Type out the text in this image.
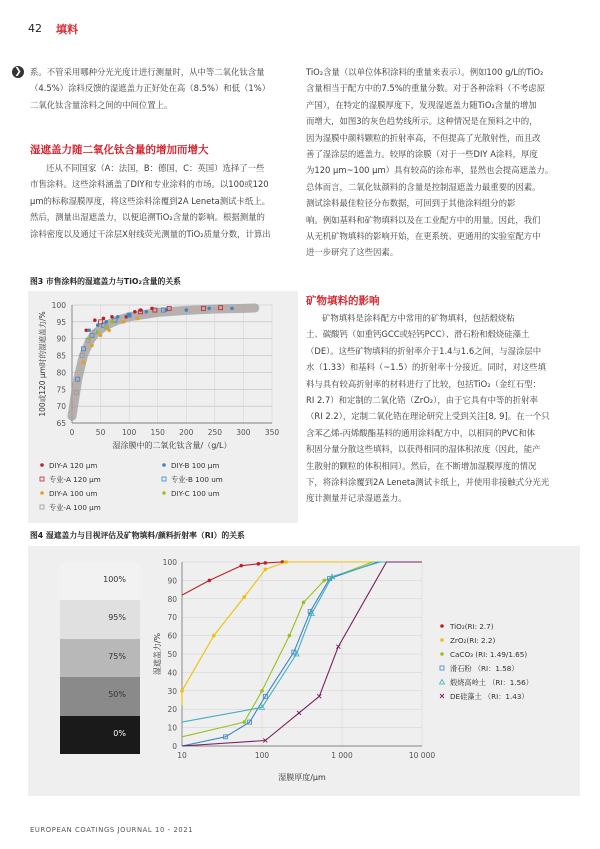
42 填料
❯ 系。不管采用哪种分光光度计进行测量时，从中等二氧化钛含量
（4.5%）涂料反馈的湿遮盖力正好处在高（8.5%）和低（1%）
二氧化钛含量涂料之间的中间位置上。
湿遮盖力随二氧化钛含量的增加而增大
还从不同国家（A：法国，B：德国，C：英国）选择了一些
市售涂料。这些涂料涵盖了DIY和专业涂料的市场。以100或120
μm的标称湿膜厚度，将这些涂料涂覆到2A Leneta测试卡纸上。
然后，测量出湿遮盖力，以便追溯TiO₂含量的影响。根据测量的
涂料密度以及通过干涂层X射线荧光测量的TiO₂质量分数，计算出
TiO₂含量（以单位体积涂料的重量来表示）。例如100 g/L的TiO₂
含量相当于配方中的7.5%的重量分数。对于各种涂料（不考虑原
产国），在特定的湿膜厚度下，发现湿遮盖力随TiO₂含量的增加
而增大，如图3的灰色趋势线所示。这种情况是在预料之中的，
因为湿膜中颜料颗粒的折射率高，不但提高了光散射性，而且改
善了湿涂层的遮盖力。较厚的涂膜（对于一些DIY A涂料，厚度
为120 μm~100 μm）具有较高的涂布率，显然也会提高遮盖力。
总体而言，二氧化钛颜料的含量是控制湿遮盖力最重要的因素。
测试涂料最佳粒径分布数据，可回到于其他涂料组分的影
响。例如基料和矿物填料以及在工业配方中的用量。因此，我们
从无机矿物填料的影响开始，在更系统、更通用的实验室配方中
进一步研究了这些因素。
矿物填料的影响
矿物填料是涂料配方中常用的矿物填料，包括煅烧粘
土、碳酸钙（如重钙GCC或轻钙PCC）、滑石粉和煅烧硅藻土
（DE）。这些矿物填料的折射率介于1.4与1.6之间，与湿涂层中
水（1.33）和基料（~1.5）的折射率十分接近。同时，对这些填
料与具有较高折射率的材料进行了比较，包括TiO₂（金红石型：
RI 2.7）和定制的二氧化锆（ZrO₂），由于它具有中等的折射率
（RI 2.2），定制二氧化锆在理论研究上受到关注[8, 9]。在一个只
含苯乙烯-丙烯酸酯基料的通用涂料配方中，以相同的PVC和体
积固分量分散这些填料，以获得相同的湿体积浓度（因此，能产
生散射的颗粒的体积相同）。然后，在不断增加湿膜厚度的情况
下，将涂料涂覆到2A Leneta测试卡纸上，并使用非接触式分光光
度计测量并记录湿遮盖力。
图3 市售涂料的湿遮盖力与TiO₂含量的关系
65
70
75
80
85
90
95
100
0	50 100 150 200 250 300 350
湿涂膜中的二氧化钛含量/（g/L）
100或120 μm时的湿遮盖力/%
DIY-A 120 μm	DIY-B 100 μm
专业-A 120 μm	专业-B 100 um
DIY-A 100 um	DIY-C 100 um
专业-A 100 μm
图4 湿遮盖力与目视评估及矿物填料/颜料折射率（RI）的关系
100%
95%
75%
50%
0%
0
10
20
30
40
50
60
70
80
90
100
10	100	1 000	10 000
湿膜厚度/μm
湿遮盖力/%
TiO₂(RI: 2.7)
ZrO₂(RI: 2.2)
CaCO₃ (RI: 1.49/1.65)
滑石粉 （RI：1.58）
煅烧高岭土 （RI：1.56）
DE硅藻土 （RI：1.43）
EUROPEAN COATINGS JOURNAL 10 - 2021
